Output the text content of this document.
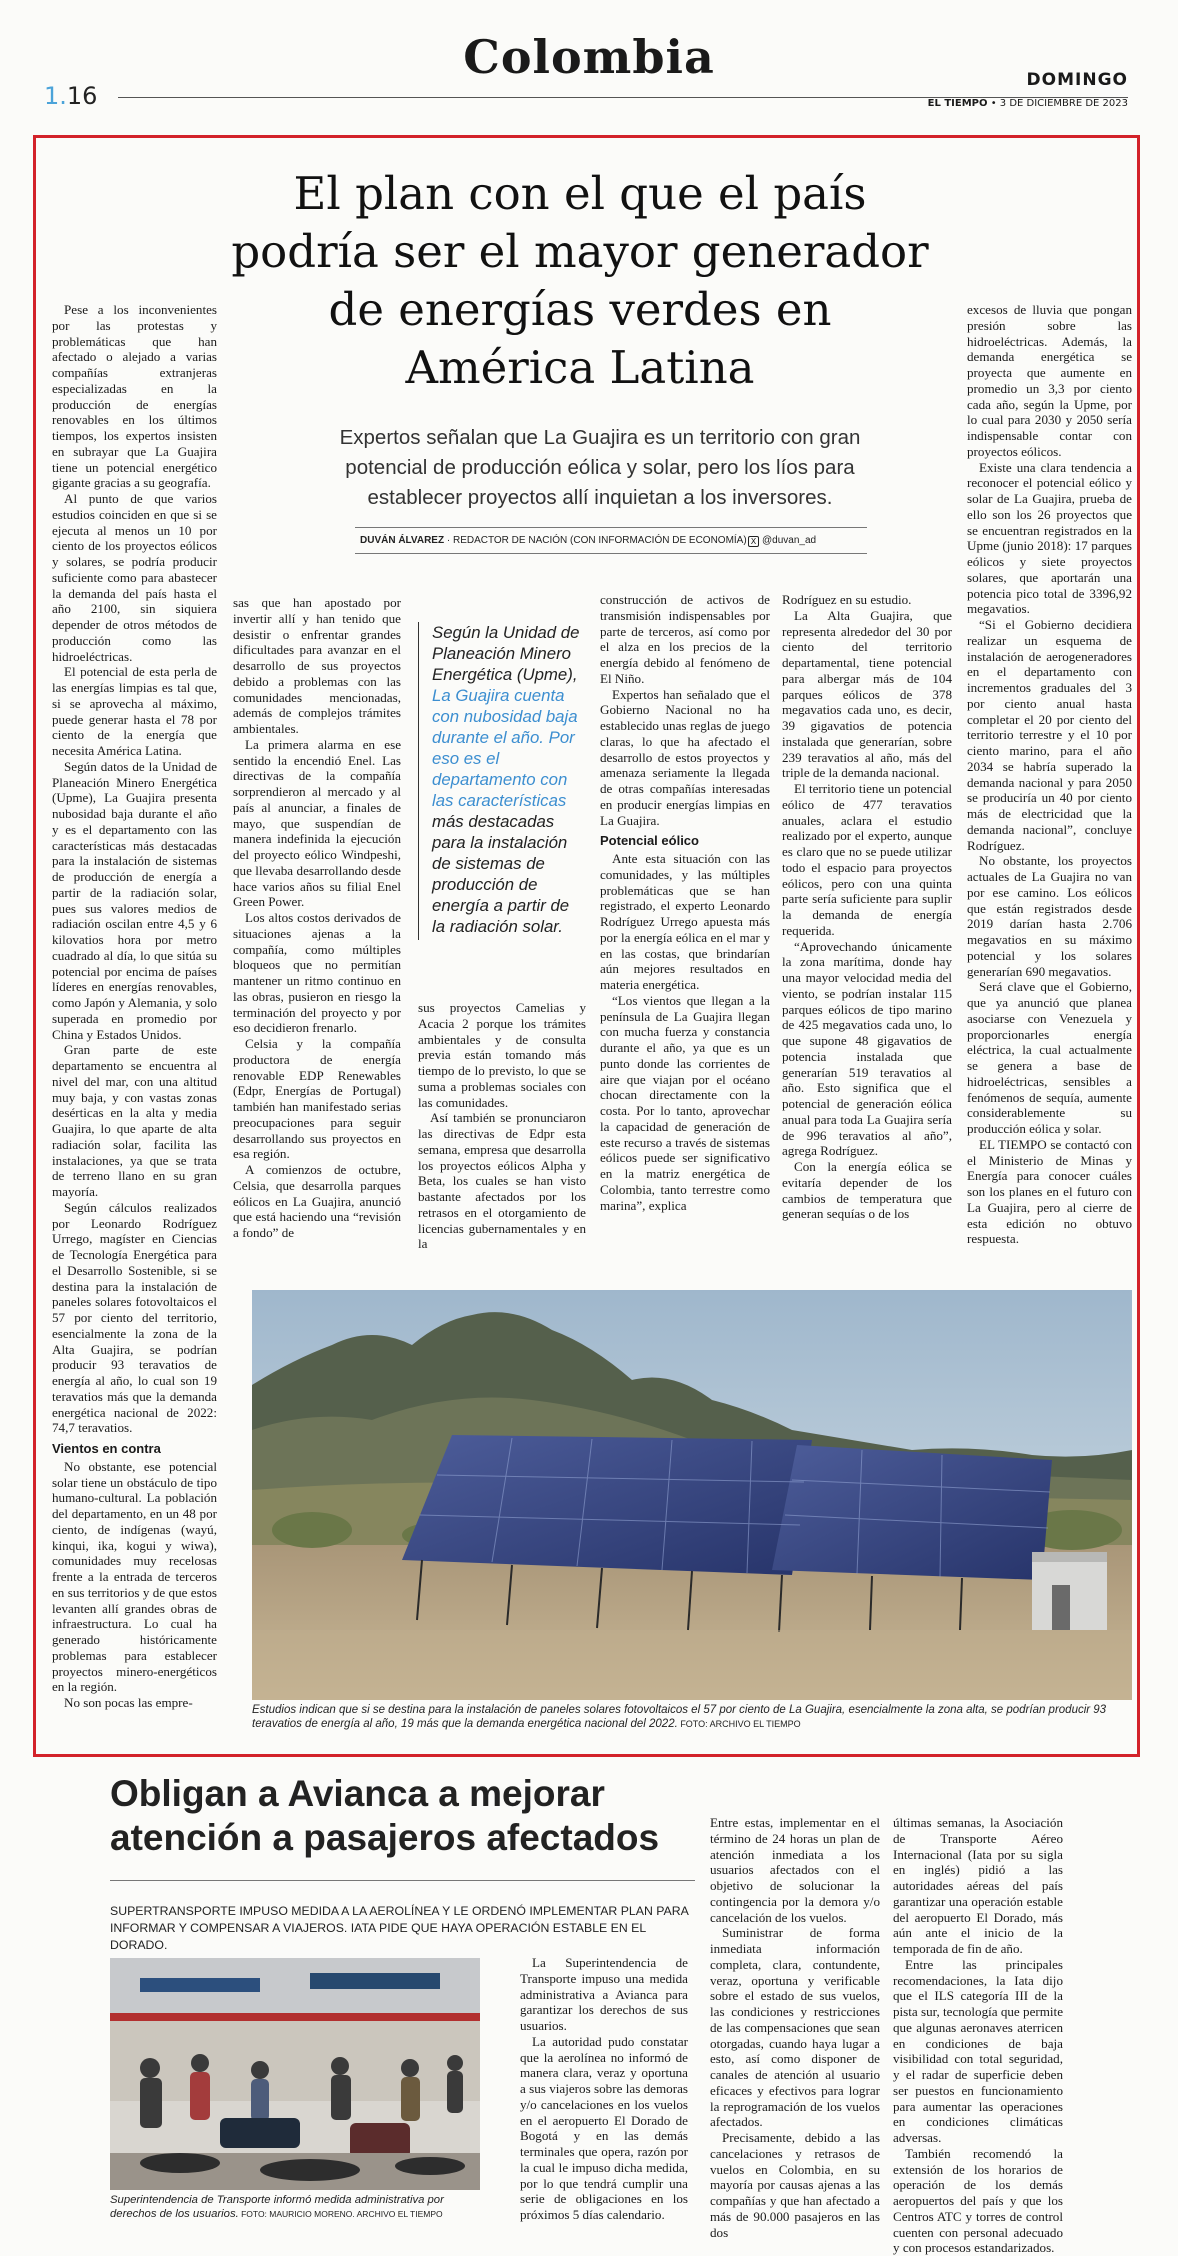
Colombia
1.16
DOMINGO
EL TIEMPO • 3 DE DICIEMBRE DE 2023
El plan con el que el país podría ser el mayor generador de energías verdes en América Latina
Expertos señalan que La Guajira es un territorio con gran potencial de producción eólica y solar, pero los líos para establecer proyectos allí inquietan a los inversores.
DUVÁN ÁLVAREZ · REDACTOR DE NACIÓN (CON INFORMACIÓN DE ECONOMÍA) X @duvan_ad

Pese a los inconvenientes por las protestas y problemáticas que han afectado o alejado a varias compañías extranjeras especializadas en la producción de energías renovables en los últimos tiempos, los expertos insisten en subrayar que La Guajira tiene un potencial energético gigante gracias a su geografía.

Al punto de que varios estudios coinciden en que si se ejecuta al menos un 10 por ciento de los proyectos eólicos y solares, se podría producir suficiente como para abastecer la demanda del país hasta el año 2100, sin siquiera depender de otros métodos de producción como las hidroeléctricas.

El potencial de esta perla de las energías limpias es tal que, si se aprovecha al máximo, puede generar hasta el 78 por ciento de la energía que necesita América Latina.

Según datos de la Unidad de Planeación Minero Energética (Upme), La Guajira presenta nubosidad baja durante el año y es el departamento con las características más destacadas para la instalación de sistemas de producción de energía a partir de la radiación solar, pues sus valores medios de radiación oscilan entre 4,5 y 6 kilovatios hora por metro cuadrado al día, lo que sitúa su potencial por encima de países líderes en energías renovables, como Japón y Alemania, y solo superada en promedio por China y Estados Unidos.

Gran parte de este departamento se encuentra al nivel del mar, con una altitud muy baja, y con vastas zonas desérticas en la alta y media Guajira, lo que aparte de alta radiación solar, facilita las instalaciones, ya que se trata de terreno llano en su gran mayoría.

Según cálculos realizados por Leonardo Rodríguez Urrego, magíster en Ciencias de Tecnología Energética para el Desarrollo Sostenible, si se destina para la instalación de paneles solares fotovoltaicos el 57 por ciento del territorio, esencialmente la zona de la Alta Guajira, se podrían producir 93 teravatios de energía al año, lo cual son 19 teravatios más que la demanda energética nacional de 2022: 74,7 teravatios.

Vientos en contra

No obstante, ese potencial solar tiene un obstáculo de tipo humano-cultural. La población del departamento, en un 48 por ciento, de indígenas (wayú, kinqui, ika, kogui y wiwa), comunidades muy recelosas frente a la entrada de terceros en sus territorios y de que estos levanten allí grandes obras de infraestructura. Lo cual ha generado históricamente problemas para establecer proyectos minero-energéticos en la región.

No son pocas las empre-

sas que han apostado por invertir allí y han tenido que desistir o enfrentar grandes dificultades para avanzar en el desarrollo de sus proyectos debido a problemas con las comunidades mencionadas, además de complejos trámites ambientales.

La primera alarma en ese sentido la encendió Enel. Las directivas de la compañía sorprendieron al mercado y al país al anunciar, a finales de mayo, que suspendían de manera indefinida la ejecución del proyecto eólico Windpeshi, que llevaba desarrollando desde hace varios años su filial Enel Green Power.

Los altos costos derivados de situaciones ajenas a la compañía, como múltiples bloqueos que no permitían mantener un ritmo continuo en las obras, pusieron en riesgo la terminación del proyecto y por eso decidieron frenarlo.

Celsia y la compañía productora de energía renovable EDP Renewables (Edpr, Energías de Portugal) también han manifestado serias preocupaciones para seguir desarrollando sus proyectos en esa región.

A comienzos de octubre, Celsia, que desarrolla parques eólicos en La Guajira, anunció que está haciendo una “revisión a fondo” de

Según la Unidad de Planeación Minero Energética (Upme), La Guajira cuenta con nubosidad baja durante el año. Por eso es el departamento con las características más destacadas para la instalación de sistemas de producción de energía a partir de la radiación solar.

sus proyectos Camelias y Acacia 2 porque los trámites ambientales y de consulta previa están tomando más tiempo de lo previsto, lo que se suma a problemas sociales con las comunidades.

Así también se pronunciaron las directivas de Edpr esta semana, empresa que desarrolla los proyectos eólicos Alpha y Beta, los cuales se han visto bastante afectados por los retrasos en el otorgamiento de licencias gubernamentales y en la

construcción de activos de transmisión indispensables por parte de terceros, así como por el alza en los precios de la energía debido al fenómeno de El Niño.

Expertos han señalado que el Gobierno Nacional no ha establecido unas reglas de juego claras, lo que ha afectado el desarrollo de estos proyectos y amenaza seriamente la llegada de otras compañías interesadas en producir energías limpias en La Guajira.

Potencial eólico

Ante esta situación con las comunidades, y las múltiples problemáticas que se han registrado, el experto Leonardo Rodríguez Urrego apuesta más por la energía eólica en el mar y en las costas, que brindarían aún mejores resultados en materia energética.

“Los vientos que llegan a la península de La Guajira llegan con mucha fuerza y constancia durante el año, ya que es un punto donde las corrientes de aire que viajan por el océano chocan directamente con la costa. Por lo tanto, aprovechar la capacidad de generación de este recurso a través de sistemas eólicos puede ser significativo en la matriz energética de Colombia, tanto terrestre como marina”, explica

Rodríguez en su estudio.

La Alta Guajira, que representa alrededor del 30 por ciento del territorio departamental, tiene potencial para albergar más de 104 parques eólicos de 378 megavatios cada uno, es decir, 39 gigavatios de potencia instalada que generarían, sobre 239 teravatios al año, más del triple de la demanda nacional.

El territorio tiene un potencial eólico de 477 teravatios anuales, aclara el estudio realizado por el experto, aunque es claro que no se puede utilizar todo el espacio para proyectos eólicos, pero con una quinta parte sería suficiente para suplir la demanda de energía requerida.

“Aprovechando únicamente la zona marítima, donde hay una mayor velocidad media del viento, se podrían instalar 115 parques eólicos de tipo marino de 425 megavatios cada uno, lo que supone 48 gigavatios de potencia instalada que generarían 519 teravatios al año. Esto significa que el potencial de generación eólica anual para toda La Guajira sería de 996 teravatios al año”, agrega Rodríguez.

Con la energía eólica se evitaría depender de los cambios de temperatura que generan sequías o de los

excesos de lluvia que pongan presión sobre las hidroeléctricas. Además, la demanda energética se proyecta que aumente en promedio un 3,3 por ciento cada año, según la Upme, por lo cual para 2030 y 2050 sería indispensable contar con proyectos eólicos.

Existe una clara tendencia a reconocer el potencial eólico y solar de La Guajira, prueba de ello son los 26 proyectos que se encuentran registrados en la Upme (junio 2018): 17 parques eólicos y siete proyectos solares, que aportarán una potencia pico total de 3396,92 megavatios.

“Si el Gobierno decidiera realizar un esquema de instalación de aerogeneradores en el departamento con incrementos graduales del 3 por ciento anual hasta completar el 20 por ciento del territorio terrestre y el 10 por ciento marino, para el año 2034 se habría superado la demanda nacional y para 2050 se produciría un 40 por ciento más de electricidad que la demanda nacional”, concluye Rodríguez.

No obstante, los proyectos actuales de La Guajira no van por ese camino. Los eólicos que están registrados desde 2019 darían hasta 2.706 megavatios en su máximo potencial y los solares generarían 690 megavatios.

Será clave que el Gobierno, que ya anunció que planea asociarse con Venezuela y proporcionarles energía eléctrica, la cual actualmente se genera a base de hidroeléctricas, sensibles a fenómenos de sequía, aumente considerablemente su producción eólica y solar.

EL TIEMPO se contactó con el Ministerio de Minas y Energía para conocer cuáles son los planes en el futuro con La Guajira, pero al cierre de esta edición no obtuvo respuesta.

Estudios indican que si se destina para la instalación de paneles solares fotovoltaicos el 57 por ciento de La Guajira, esencialmente la zona alta, se podrían producir 93 teravatios de energía al año, 19 más que la demanda energética nacional del 2022. FOTO: ARCHIVO EL TIEMPO
Obligan a Avianca a mejorar atención a pasajeros afectados
SUPERTRANSPORTE IMPUSO MEDIDA A LA AEROLÍNEA Y LE ORDENÓ IMPLEMENTAR PLAN PARA INFORMAR Y COMPENSAR A VIAJEROS. IATA PIDE QUE HAYA OPERACIÓN ESTABLE EN EL DORADO.
Superintendencia de Transporte informó medida administrativa por derechos de los usuarios. FOTO: MAURICIO MORENO. ARCHIVO EL TIEMPO

La Superintendencia de Transporte impuso una medida administrativa a Avianca para garantizar los derechos de sus usuarios.

La autoridad pudo constatar que la aerolínea no informó de manera clara, veraz y oportuna a sus viajeros sobre las demoras y/o cancelaciones en los vuelos en el aeropuerto El Dorado de Bogotá y en las demás terminales que opera, razón por la cual le impuso dicha medida, por lo que tendrá cumplir una serie de obligaciones en los próximos 5 días calendario.

Entre estas, implementar en el término de 24 horas un plan de atención inmediata a los usuarios afectados con el objetivo de solucionar la contingencia por la demora y/o cancelación de los vuelos.

Suministrar de forma inmediata información completa, clara, contundente, veraz, oportuna y verificable sobre el estado de sus vuelos, las condiciones y restricciones de las compensaciones que sean otorgadas, cuando haya lugar a esto, así como disponer de canales de atención al usuario eficaces y efectivos para lograr la reprogramación de los vuelos afectados.

Precisamente, debido a las cancelaciones y retrasos de vuelos en Colombia, en su mayoría por causas ajenas a las compañías y que han afectado a más de 90.000 pasajeros en las dos

últimas semanas, la Asociación de Transporte Aéreo Internacional (Iata por su sigla en inglés) pidió a las autoridades aéreas del país garantizar una operación estable del aeropuerto El Dorado, más aún ante el inicio de la temporada de fin de año.

Entre las principales recomendaciones, la Iata dijo que el ILS categoría III de la pista sur, tecnología que permite que algunas aeronaves aterricen en condiciones de baja visibilidad con total seguridad, y el radar de superficie deben ser puestos en funcionamiento para aumentar las operaciones en condiciones climáticas adversas.

También recomendó la extensión de los horarios de operación de los demás aeropuertos del país y que los Centros ATC y torres de control cuenten con personal adecuado y con procesos estandarizados.
